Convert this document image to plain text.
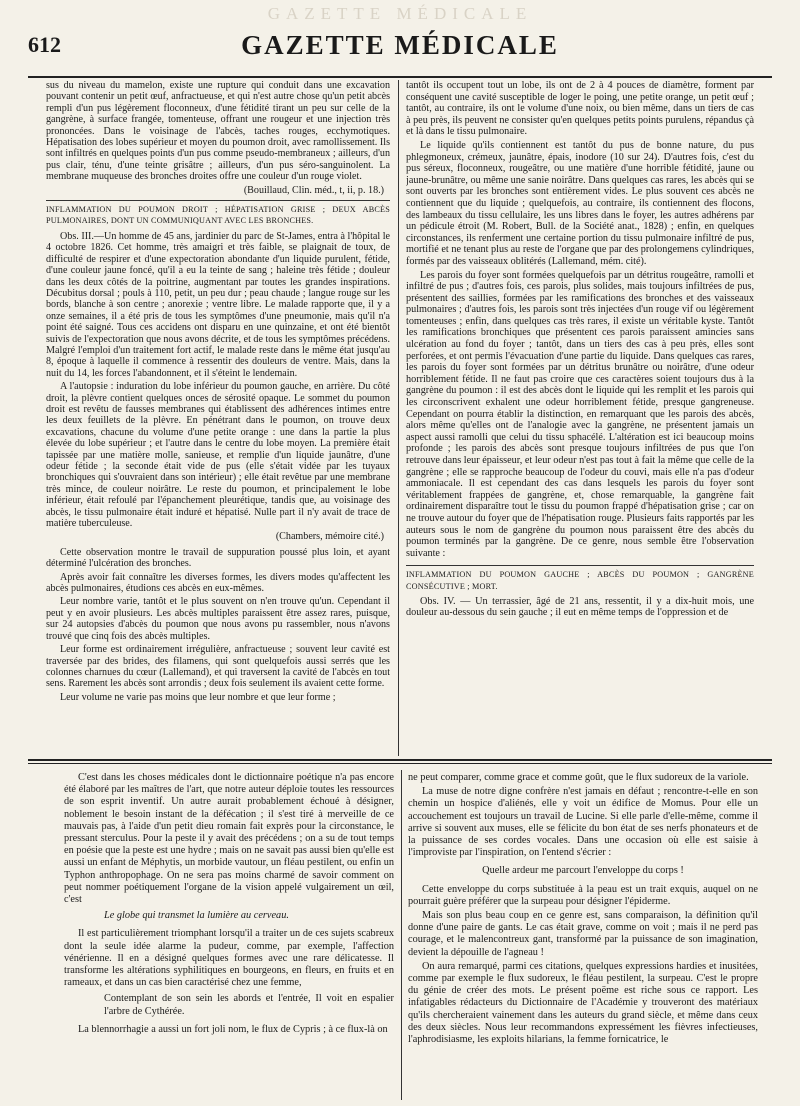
GAZETTE MÉDICALE
612	GAZETTE MÉDICALE

sus du niveau du mamelon, existe une rupture qui conduit dans une excavation pouvant contenir un petit œuf, anfractueuse, et qui n'est autre chose qu'un petit abcès rempli d'un pus légèrement floconneux, d'une fétidité tirant un peu sur celle de la gangrène, à surface frangée, tomenteuse, offrant une rougeur et une injection très prononcées. Dans le voisinage de l'abcès, taches rouges, ecchymotiques. Hépatisation des lobes supérieur et moyen du poumon droit, avec ramollissement. Ils sont infiltrés en quelques points d'un pus comme pseudo-membraneux ; ailleurs, d'un pus clair, ténu, d'une teinte grisâtre ; ailleurs, d'un pus séro-sanguinolent. La membrane muqueuse des bronches droites offre une couleur d'un rouge violet.

(Bouillaud, Clin. méd., t, ii, p. 18.)
INFLAMMATION DU POUMON DROIT ; HÉPATISATION GRISE ; DEUX ABCÈS PULMONAIRES, DONT UN COMMUNIQUANT AVEC LES BRONCHES.

Obs. III.—Un homme de 45 ans, jardinier du parc de St-James, entra à l'hôpital le 4 octobre 1826. Cet homme, très amaigri et très faible, se plaignait de toux, de difficulté de respirer et d'une expectoration abondante d'un liquide purulent, fétide, d'une couleur jaune foncé, qu'il a eu la teinte de sang ; haleine très fétide ; douleur dans les deux côtés de la poitrine, augmentant par toutes les grandes inspirations. Décubitus dorsal ; pouls à 110, petit, un peu dur ; peau chaude ; langue rouge sur les bords, blanche à son centre ; anorexie ; ventre libre. Le malade rapporte que, il y a onze semaines, il a été pris de tous les symptômes d'une pneumonie, mais qu'il n'a point été saigné. Tous ces accidens ont disparu en une quinzaine, et ont été bientôt suivis de l'expectoration que nous avons décrite, et de tous les symptômes précédens. Malgré l'emploi d'un traitement fort actif, le malade reste dans le même état jusqu'au 8, époque à laquelle il commence à ressentir des douleurs de ventre. Mais, dans la nuit du 14, les forces l'abandonnent, et il s'éteint le lendemain.

A l'autopsie : induration du lobe inférieur du poumon gauche, en arrière. Du côté droit, la plèvre contient quelques onces de sérosité opaque. Le sommet du poumon droit est revêtu de fausses membranes qui établissent des adhérences intimes entre les deux feuillets de la plèvre. En pénétrant dans le poumon, on trouve deux excavations, chacune du volume d'une petite orange : une dans la partie la plus élevée du lobe supérieur ; et l'autre dans le centre du lobe moyen. La première était tapissée par une matière molle, sanieuse, et remplie d'un liquide jaunâtre, d'une odeur fétide ; la seconde était vide de pus (elle s'était vidée par les tuyaux bronchiques qui s'ouvraient dans son intérieur) ; elle était revêtue par une membrane très mince, de couleur noirâtre. Le reste du poumon, et principalement le lobe inférieur, était refoulé par l'épanchement pleurétique, tandis que, au voisinage des abcès, le tissu pulmonaire était induré et hépatisé. Nulle part il n'y avait de trace de matière tuberculeuse.

(Chambers, mémoire cité.)

Cette observation montre le travail de suppuration poussé plus loin, et ayant déterminé l'ulcération des bronches.

Après avoir fait connaître les diverses formes, les divers modes qu'affectent les abcès pulmonaires, étudions ces abcès en eux-mêmes.

Leur nombre varie, tantôt et le plus souvent on n'en trouve qu'un. Cependant il peut y en avoir plusieurs. Les abcès multiples paraissent être assez rares, puisque, sur 24 autopsies d'abcès du poumon que nous avons pu rassembler, nous n'avons trouvé que cinq fois des abcès multiples.

Leur forme est ordinairement irrégulière, anfractueuse ; souvent leur cavité est traversée par des brides, des filamens, qui sont quelquefois aussi serrés que les colonnes charnues du cœur (Lallemand), et qui traversent la cavité de l'abcès en tout sens. Rarement les abcès sont arrondis ; deux fois seulement ils avaient cette forme.

Leur volume ne varie pas moins que leur nombre et que leur forme ;

tantôt ils occupent tout un lobe, ils ont de 2 à 4 pouces de diamètre, forment par conséquent une cavité susceptible de loger le poing, une petite orange, un petit œuf ; tantôt, au contraire, ils ont le volume d'une noix, ou bien même, dans un tiers de cas à peu près, ils peuvent ne consister qu'en quelques petits points purulens, répandus çà et là dans le tissu pulmonaire.

Le liquide qu'ils contiennent est tantôt du pus de bonne nature, du pus phlegmoneux, crémeux, jaunâtre, épais, inodore (10 sur 24). D'autres fois, c'est du pus séreux, floconneux, rougeâtre, ou une matière d'une horrible fétidité, jaune ou jaune-brunâtre, ou même une sanie noirâtre. Dans quelques cas rares, les abcès qui se sont ouverts par les bronches sont entièrement vides. Le plus souvent ces abcès ne contiennent que du liquide ; quelquefois, au contraire, ils contiennent des flocons, des lambeaux du tissu cellulaire, les uns libres dans le foyer, les autres adhérens par un pédicule étroit (M. Robert, Bull. de la Société anat., 1828) ; enfin, en quelques circonstances, ils renferment une certaine portion du tissu pulmonaire infiltré de pus, mortifié et ne tenant plus au reste de l'organe que par des prolongemens cylindriques, formés par des vaisseaux oblitérés (Lallemand, mém. cité).

Les parois du foyer sont formées quelquefois par un détritus rougeâtre, ramolli et infiltré de pus ; d'autres fois, ces parois, plus solides, mais toujours infiltrées de pus, présentent des saillies, formées par les ramifications des bronches et des vaisseaux pulmonaires ; d'autres fois, les parois sont très injectées d'un rouge vif ou légèrement tomenteuses ; enfin, dans quelques cas très rares, il existe un véritable kyste. Tantôt les ramifications bronchiques que présentent ces parois paraissent amincies sans ulcération au fond du foyer ; tantôt, dans un tiers des cas à peu près, elles sont perforées, et ont permis l'évacuation d'une partie du liquide. Dans quelques cas rares, les parois du foyer sont formées par un détritus brunâtre ou noirâtre, d'une odeur horriblement fétide. Il ne faut pas croire que ces caractères soient toujours dus à la gangrène du poumon : il est des abcès dont le liquide qui les remplit et les parois qui les circonscrivent exhalent une odeur horriblement fétide, presque gangreneuse. Cependant on pourra établir la distinction, en remarquant que les parois des abcès, alors même qu'elles ont de l'analogie avec la gangrène, ne présentent jamais un aspect aussi ramolli que celui du tissu sphacélé. L'altération est ici beaucoup moins profonde ; les parois des abcès sont presque toujours infiltrées de pus que l'on retrouve dans leur épaisseur, et leur odeur n'est pas tout à fait la même que celle de la gangrène ; elle se rapproche beaucoup de l'odeur du couvi, mais elle n'a pas d'odeur ammoniacale. Il est cependant des cas dans lesquels les parois du foyer sont véritablement frappées de gangrène, et, chose remarquable, la gangrène fait ordinairement disparaître tout le tissu du poumon frappé d'hépatisation grise ; car on ne trouve autour du foyer que de l'hépatisation rouge. Plusieurs faits rapportés par les auteurs sous le nom de gangrène du poumon nous paraissent être des abcès du poumon terminés par la gangrène. De ce genre, nous semble être l'observation suivante :

INFLAMMATION DU POUMON GAUCHE ; ABCÈS DU POUMON ; GANGRÈNE CONSÉCUTIVE ; MORT.

Obs. IV. — Un terrassier, âgé de 21 ans, ressentit, il y a dix-huit mois, une douleur au-dessous du sein gauche ; il eut en même temps de l'oppression et de

C'est dans les choses médicales dont le dictionnaire poétique n'a pas encore été élaboré par les maîtres de l'art, que notre auteur déploie toutes les ressources de son esprit inventif. Un autre aurait probablement échoué à désigner, noblement le besoin instant de la défécation ; il s'est tiré à merveille de ce mauvais pas, à l'aide d'un petit dieu romain fait exprès pour la circonstance, le pressant sterculus. Pour la peste il y avait des précédens ; on a su de tout temps en poésie que la peste est une hydre ; mais on ne savait pas aussi bien qu'elle est aussi un enfant de Méphytis, un morbide vautour, un fléau pestilent, ou enfin un Typhon anthropophage. On ne sera pas moins charmé de savoir comment on peut nommer poétiquement l'organe de la vision appelé vulgairement un œil, c'est

Le globe qui transmet la lumière au cerveau.

Il est particulièrement triomphant lorsqu'il a traiter un de ces sujets scabreux dont la seule idée alarme la pudeur, comme, par exemple, l'affection vénérienne. Il en a désigné quelques formes avec une rare délicatesse. Il transforme les altérations syphilitiques en bourgeons, en fleurs, en fruits et en rameaux, et dans un cas bien caractérisé chez une femme,

Contemplant de son sein les abords et l'entrée, Il voit en espalier l'arbre de Cythérée.

La blennorrhagie a aussi un fort joli nom, le flux de Cypris ; à ce flux-là on

ne peut comparer, comme grace et comme goût, que le flux sudoreux de la variole.

La muse de notre digne confrère n'est jamais en défaut ; rencontre-t-elle en son chemin un hospice d'aliénés, elle y voit un édifice de Momus. Pour elle un accouchement est toujours un travail de Lucine. Si elle parle d'elle-même, comme il arrive si souvent aux muses, elle se félicite du bon état de ses nerfs phonateurs et de la puissance de ses cordes vocales. Dans une occasion où elle est saisie à l'improviste par l'inspiration, on l'entend s'écrier :

Quelle ardeur me parcourt l'enveloppe du corps !

Cette enveloppe du corps substituée à la peau est un trait exquis, auquel on ne pourrait guère préférer que la surpeau pour désigner l'épiderme.

Mais son plus beau coup en ce genre est, sans comparaison, la définition qu'il donne d'une paire de gants. Le cas était grave, comme on voit ; mais il ne perd pas courage, et le malencontreux gant, transformé par la puissance de son imagination, devient la dépouille de l'agneau !

On aura remarqué, parmi ces citations, quelques expressions hardies et inusitées, comme par exemple le flux sudoreux, le fléau pestilent, la surpeau. C'est le propre du génie de créer des mots. Le présent poëme est riche sous ce rapport. Les infatigables rédacteurs du Dictionnaire de l'Académie y trouveront des matériaux qu'ils chercheraient vainement dans les auteurs du grand siècle, et même dans ceux des deux siècles. Nous leur recommandons expressément les fièvres infectieuses, l'aphrodisiasme, les exploits hilarians, la femme fornicatrice, le
